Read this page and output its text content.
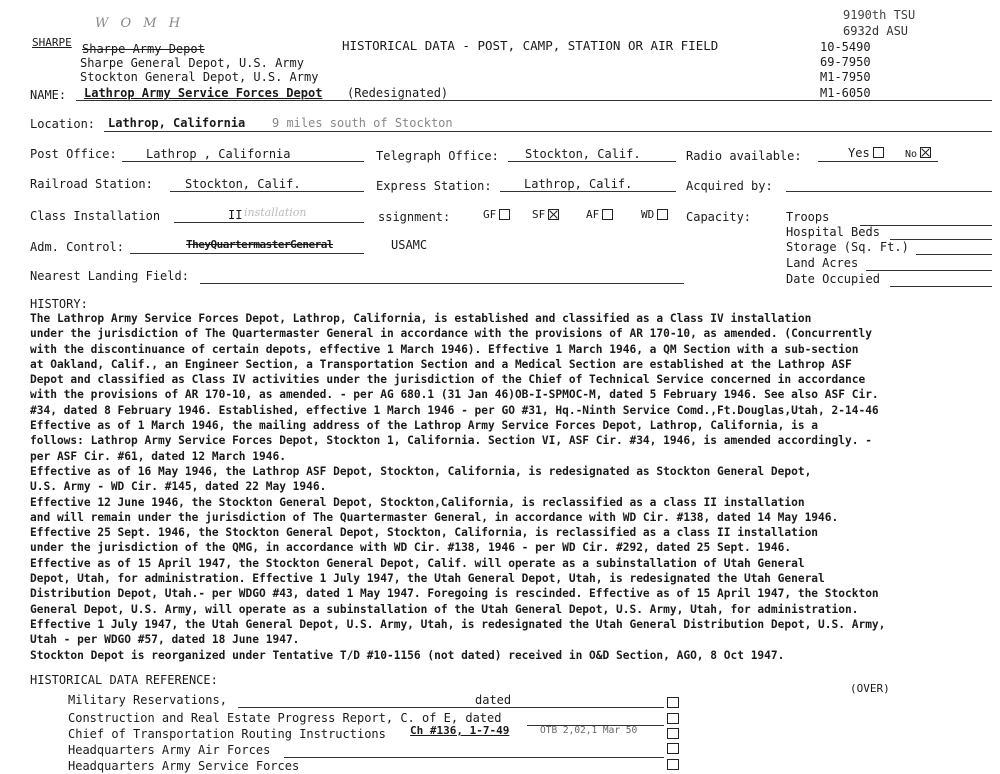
W O M H
SHARPE Sharpe Army Depot
Sharpe General Depot, U.S. Army
Stockton General Depot, U.S. Army
HISTORICAL DATA - POST, CAMP, STATION OR AIR FIELD
9190th TSU
6932d ASU
10-5490
69-7950
M1-7950
M1-6050
NAME: Lathrop Army Service Forces Depot (Redesignated)
Location: Lathrop, California 9 miles south of Stockton
Post Office: Lathrop , California	Telegraph Office: Stockton, Calif.	Radio available:	Yes	No
Railroad Station:	Stockton, Calif.	Express Station:	Lathrop, Calif.	Acquired by:
Class Installation	II installation	ssignment:	GF	SF	AF	WD	Capacity:	Troops
Hospital Beds
Storage (Sq. Ft.)
Land Acres
Date Occupied
Adm. Control:	TheyQuartermasterGeneral	USAMC
Nearest Landing Field:
HISTORY:

The Lathrop Army Service Forces Depot, Lathrop, California, is established and classified as a Class IV installation
under the jurisdiction of The Quartermaster General in accordance with the provisions of AR 170-10, as amended. (Concurrently
with the discontinuance of certain depots, effective 1 March 1946). Effective 1 March 1946, a QM Section with a sub-section
at Oakland, Calif., an Engineer Section, a Transportation Section and a Medical Section are established at the Lathrop ASF
Depot and classified as Class IV activities under the jurisdiction of the Chief of Technical Service concerned in accordance
with the provisions of AR 170-10, as amended. - per AG 680.1 (31 Jan 46)OB-I-SPMOC-M, dated 5 February 1946. See also ASF Cir.
#34, dated 8 February 1946. Established, effective 1 March 1946 - per GO #31, Hq.-Ninth Service Comd.,Ft.Douglas,Utah, 2-14-46

Effective as of 1 March 1946, the mailing address of the Lathrop Army Service Forces Depot, Lathrop, California, is a
follows: Lathrop Army Service Forces Depot, Stockton 1, California. Section VI, ASF Cir. #34, 1946, is amended accordingly. -
per ASF Cir. #61, dated 12 March 1946.

Effective as of 16 May 1946, the Lathrop ASF Depot, Stockton, California, is redesignated as Stockton General Depot,
U.S. Army - WD Cir. #145, dated 22 May 1946.

Effective 12 June 1946, the Stockton General Depot, Stockton,California, is reclassified as a class II installation
and will remain under the jurisdiction of The Quartermaster General, in accordance with WD Cir. #138, dated 14 May 1946.

Effective 25 Sept. 1946, the Stockton General Depot, Stockton, California, is reclassified as a class II installation
under the jurisdiction of the QMG, in accordance with WD Cir. #138, 1946 - per WD Cir. #292, dated 25 Sept. 1946.

Effective as of 15 April 1947, the Stockton General Depot, Calif. will operate as a subinstallation of Utah General
Depot, Utah, for administration. Effective 1 July 1947, the Utah General Depot, Utah, is redesignated the Utah General
Distribution Depot, Utah.- per WDGO #43, dated 1 May 1947. Foregoing is rescinded. Effective as of 15 April 1947, the Stockton
General Depot, U.S. Army, will operate as a subinstallation of the Utah General Depot, U.S. Army, Utah, for administration.
Effective 1 July 1947, the Utah General Depot, U.S. Army, Utah, is redesignated the Utah General Distribution Depot, U.S. Army,
Utah - per WDGO #57, dated 18 June 1947.

Stockton Depot is reorganized under Tentative T/D #10-1156 (not dated) received in O&D Section, AGO, 8 Oct 1947.

HISTORICAL DATA REFERENCE:
(OVER)
Military Reservations,	dated
Construction and Real Estate Progress Report, C. of E, dated
Chief of Transportation Routing Instructions Ch #136, 1-7-49	OTB 2,02,1 Mar 50
Headquarters Army Air Forces
Headquarters Army Service Forces
